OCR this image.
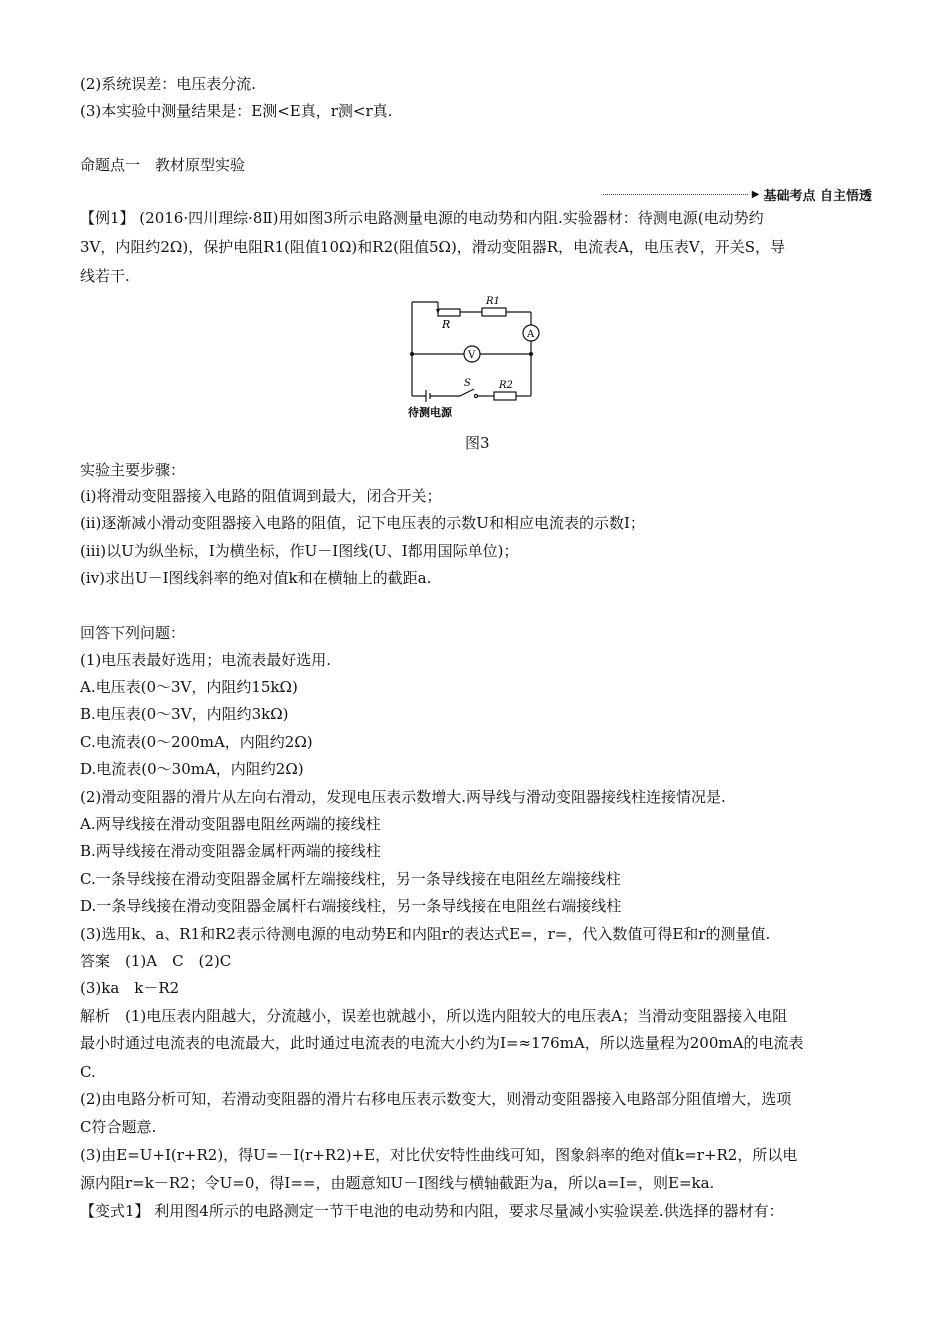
(2)系统误差：电压表分流.
(3)本实验中测量结果是：E测<E真，r测<r真.
命题点一　教材原型实验
▶ 基础考点 自主悟透
【例1】 (2016·四川理综·8Ⅱ)用如图3所示电路测量电源的电动势和内阻.实验器材：待测电源(电动势约
3V，内阻约2Ω)，保护电阻R1(阻值10Ω)和R2(阻值5Ω)，滑动变阻器R，电流表A，电压表V，开关S，导
线若干.
R
R1
A
V
S	R2
待测电源
图3
实验主要步骤：
(ⅰ)将滑动变阻器接入电路的阻值调到最大，闭合开关；
(ⅱ)逐渐减小滑动变阻器接入电路的阻值，记下电压表的示数U和相应电流表的示数I；
(ⅲ)以U为纵坐标，I为横坐标，作U－I图线(U、I都用国际单位)；
(ⅳ)求出U－I图线斜率的绝对值k和在横轴上的截距a.
回答下列问题：
(1)电压表最好选用；电流表最好选用.
A.电压表(0～3V，内阻约15kΩ)
B.电压表(0～3V，内阻约3kΩ)
C.电流表(0～200mA，内阻约2Ω)
D.电流表(0～30mA，内阻约2Ω)
(2)滑动变阻器的滑片从左向右滑动，发现电压表示数增大.两导线与滑动变阻器接线柱连接情况是.
A.两导线接在滑动变阻器电阻丝两端的接线柱
B.两导线接在滑动变阻器金属杆两端的接线柱
C.一条导线接在滑动变阻器金属杆左端接线柱，另一条导线接在电阻丝左端接线柱
D.一条导线接在滑动变阻器金属杆右端接线柱，另一条导线接在电阻丝右端接线柱
(3)选用k、a、R1和R2表示待测电源的电动势E和内阻r的表达式E=，r=，代入数值可得E和r的测量值.
答案　(1)A　C　(2)C
(3)ka　k－R2
解析　(1)电压表内阻越大，分流越小，误差也就越小，所以选内阻较大的电压表A；当滑动变阻器接入电阻
最小时通过电流表的电流最大，此时通过电流表的电流大小约为I=≈176mA，所以选量程为200mA的电流表
C.
(2)由电路分析可知，若滑动变阻器的滑片右移电压表示数变大，则滑动变阻器接入电路部分阻值增大，选项
C符合题意.
(3)由E=U+I(r+R2)，得U=－I(r+R2)+E，对比伏安特性曲线可知，图象斜率的绝对值k=r+R2，所以电
源内阻r=k－R2；令U=0，得I==，由题意知U－I图线与横轴截距为a，所以a=I=，则E=ka.
【变式1】 利用图4所示的电路测定一节干电池的电动势和内阻，要求尽量减小实验误差.供选择的器材有：
